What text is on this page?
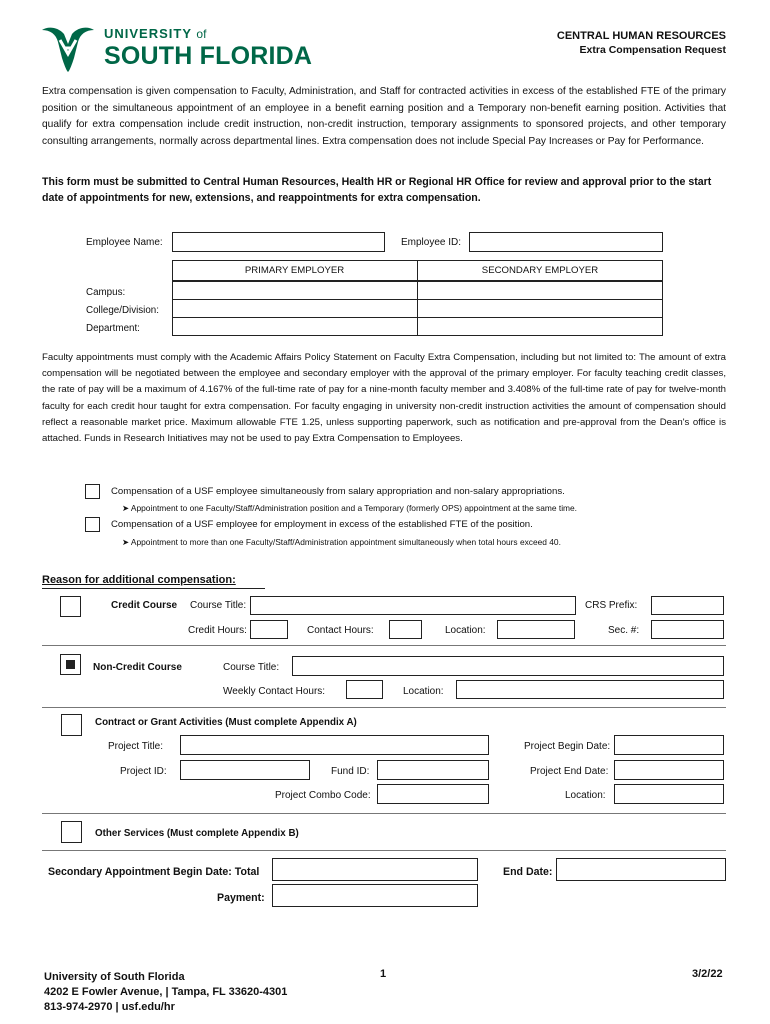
UNIVERSITY of
SOUTH FLORIDA
CENTRAL HUMAN RESOURCES
Extra Compensation Request
Extra compensation is given compensation to Faculty, Administration, and Staff for contracted activities in excess of the established FTE of the primary position or the simultaneous appointment of an employee in a benefit earning position and a Temporary non-benefit earning position. Activities that qualify for extra compensation include credit instruction, non-credit instruction, temporary assignments to sponsored projects, and other temporary consulting arrangements, normally across departmental lines. Extra compensation does not include Special Pay Increases or Pay for Performance.
This form must be submitted to Central Human Resources, Health HR or Regional HR Office for review and approval prior to the start date of appointments for new, extensions, and reappointments for extra compensation.
Employee Name:	Employee ID:
PRIMARY EMPLOYER	SECONDARY EMPLOYER
Campus:
College/Division:
Department:
Faculty appointments must comply with the Academic Affairs Policy Statement on Faculty Extra Compensation, including but not limited to: The amount of extra compensation will be negotiated between the employee and secondary employer with the approval of the primary employer. For faculty teaching credit classes, the rate of pay will be a maximum of 4.167% of the full-time rate of pay for a nine-month faculty member and 3.408% of the full-time rate of pay for twelve-month faculty for each credit hour taught for extra compensation. For faculty engaging in university non-credit instruction activities the amount of compensation should reflect a reasonable market price. Maximum allowable FTE 1.25, unless supporting paperwork, such as notification and pre-approval from the Dean's office is attached. Funds in Research Initiatives may not be used to pay Extra Compensation to Employees.
Compensation of a USF employee simultaneously from salary appropriation and non-salary appropriations.
➤ Appointment to one Faculty/Staff/Administration position and a Temporary (formerly OPS) appointment at the same time.
Compensation of a USF employee for employment in excess of the established FTE of the position.
➤ Appointment to more than one Faculty/Staff/Administration appointment simultaneously when total hours exceed 40.
Reason for additional compensation:
Credit Course Course Title:	CRS Prefix:
Credit Hours:	Contact Hours:	Location:	Sec. #:
Non-Credit Course	Course Title:
Weekly Contact Hours:	Location:
Contract or Grant Activities (Must complete Appendix A)
Project Title:	Project Begin Date:
Project ID:	Fund ID:	Project End Date:
Project Combo Code:	Location:
Other Services (Must complete Appendix B)
Secondary Appointment Begin Date: Total
Payment:
End Date:
University of South Florida
4202 E Fowler Avenue, | Tampa, FL 33620-4301
813-974-2970 | usf.edu/hr
1	3/2/22
